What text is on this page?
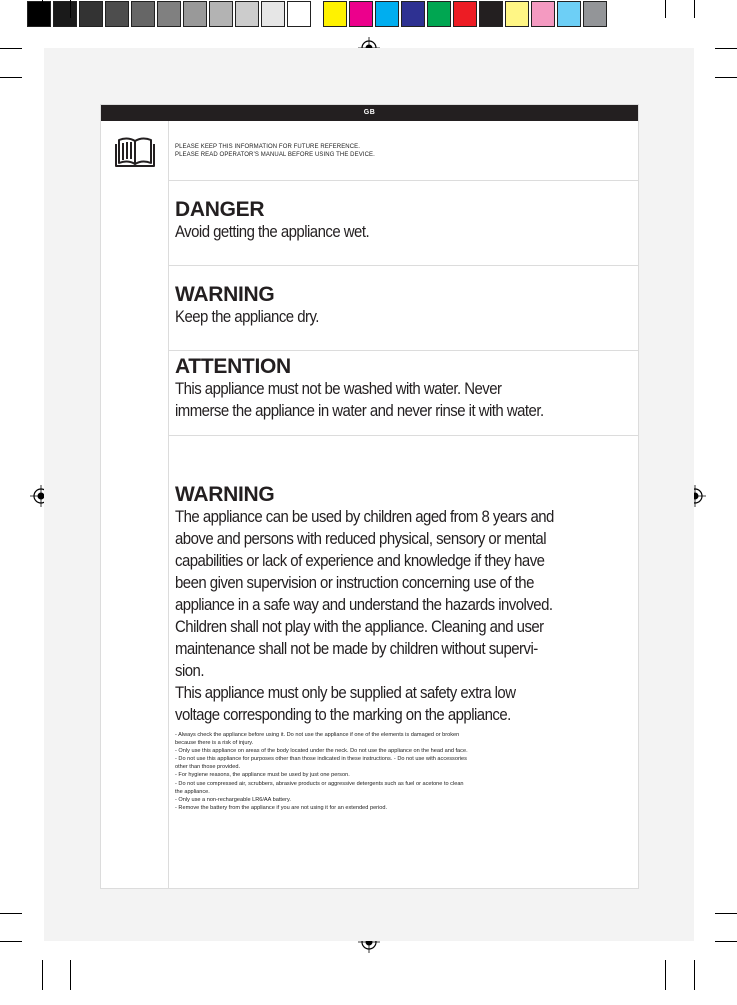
GB
PLEASE KEEP THIS INFORMATION FOR FUTURE REFERENCE.
PLEASE READ OPERATOR’S MANUAL BEFORE USING THE DEVICE.
DANGER
Avoid getting the appliance wet.
WARNING
Keep the appliance dry.
ATTENTION
This appliance must not be washed with water. Never
immerse the appliance in water and never rinse it with water.
WARNING
The appliance can be used by children aged from 8 years and
above and persons with reduced physical, sensory or mental
capabilities or lack of experience and knowledge if they have
been given supervision or instruction concerning use of the
appliance in a safe way and understand the hazards involved.
Children shall not play with the appliance. Cleaning and user
maintenance shall not be made by children without supervi-
sion.
This appliance must only be supplied at safety extra low
voltage corresponding to the marking on the appliance.
- Always check the appliance before using it. Do not use the appliance if one of the elements is damaged or broken
because there is a risk of injury.
- Only use this appliance on areas of the body located under the neck. Do not use the appliance on the head and face.
- Do not use this appliance for purposes other than those indicated in these instructions. - Do not use with accessories
other than those provided.
- For hygiene reasons, the appliance must be used by just one person.
- Do not use compressed air, scrubbers, abrasive products or aggressive detergents such as fuel or acetone to clean
the appliance.
- Only use a non-rechargeable LR6/AA battery.
- Remove the battery from the appliance if you are not using it for an extended period.
